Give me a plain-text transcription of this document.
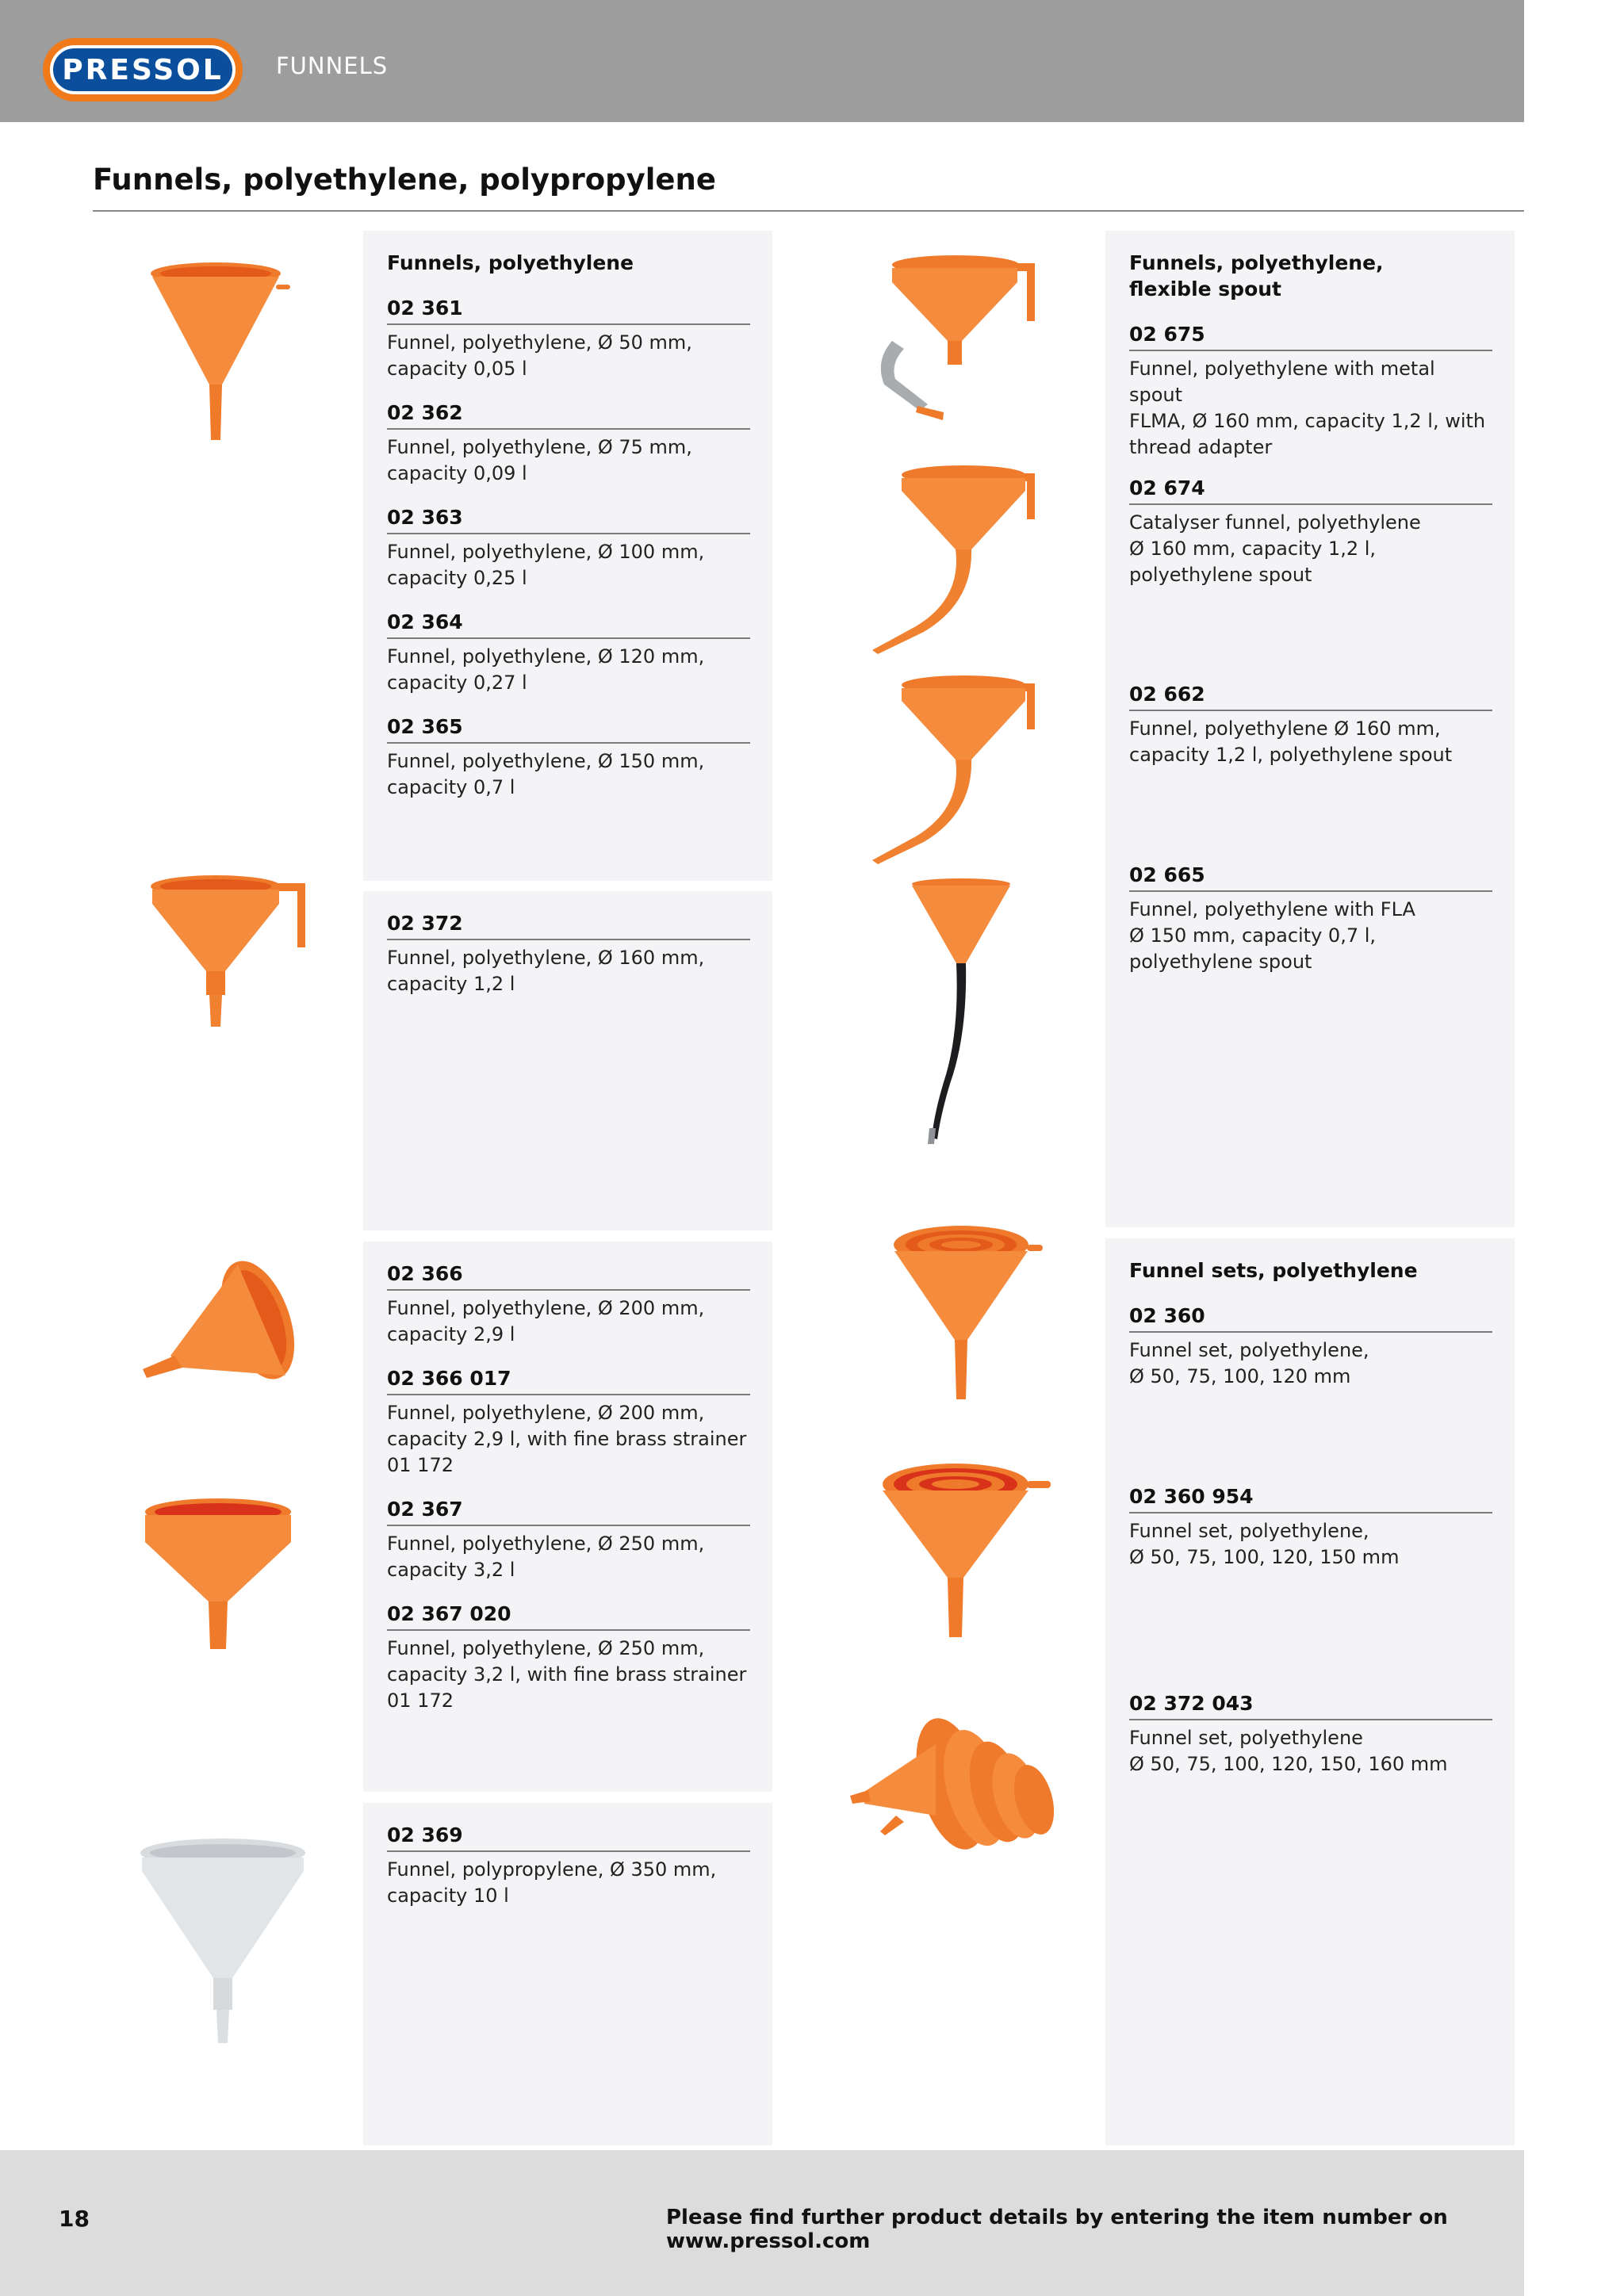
PRESSOL FUNNELS
Funnels, polyethylene, polypropylene
Funnels, polyethylene
02 361
Funnel, polyethylene, Ø 50 mm,
capacity 0,05 l
02 362
Funnel, polyethylene, Ø 75 mm,
capacity 0,09 l
02 363
Funnel, polyethylene, Ø 100 mm,
capacity 0,25 l
02 364
Funnel, polyethylene, Ø 120 mm,
capacity 0,27 l
02 365
Funnel, polyethylene, Ø 150 mm,
capacity 0,7 l
02 372
Funnel, polyethylene, Ø 160 mm,
capacity 1,2 l
02 366
Funnel, polyethylene, Ø 200 mm,
capacity 2,9 l
02 366 017
Funnel, polyethylene, Ø 200 mm,
capacity 2,9 l, with fine brass strainer
01 172
02 367
Funnel, polyethylene, Ø 250 mm,
capacity 3,2 l
02 367 020
Funnel, polyethylene, Ø 250 mm,
capacity 3,2 l, with fine brass strainer
01 172
02 369
Funnel, polypropylene, Ø 350 mm,
capacity 10 l
Funnels, polyethylene,
flexible spout
02 675
Funnel, polyethylene with metal spout
FLMA, Ø 160 mm, capacity 1,2 l, with
thread adapter
02 674
Catalyser funnel, polyethylene
Ø 160 mm, capacity 1,2 l,
polyethylene spout
02 662
Funnel, polyethylene Ø 160 mm,
capacity 1,2 l, polyethylene spout
02 665
Funnel, polyethylene with FLA
Ø 150 mm, capacity 0,7 l,
polyethylene spout
Funnel sets, polyethylene
02 360
Funnel set, polyethylene,
Ø 50, 75, 100, 120 mm
02 360 954
Funnel set, polyethylene,
Ø 50, 75, 100, 120, 150 mm
02 372 043
Funnel set, polyethylene
Ø 50, 75, 100, 120, 150, 160 mm
18	Please find further product details by entering the item number on www.pressol.com
